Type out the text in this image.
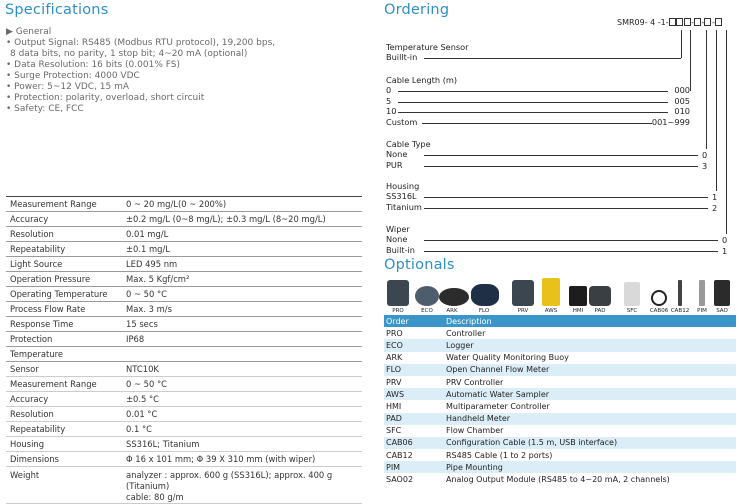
Specifications	Ordering
Optionals
▶ General
• Output Signal: RS485 (Modbus RTU protocol), 19,200 bps,
8 data bits, no parity, 1 stop bit; 4~20 mA (optional)
• Data Resolution: 16 bits (0.001% FS)
• Surge Protection: 4000 VDC
• Power: 5~12 VDC, 15 mA
• Protection: polarity, overload, short circuit
• Safety: CE, FCC
Measurement Range	0 ~ 20 mg/L(0 ~ 200%)
Accuracy	±0.2 mg/L (0~8 mg/L); ±0.3 mg/L (8~20 mg/L)
Resolution	0.01 mg/L
Repeatability	±0.1 mg/L
Light Source	LED 495 nm
Operation Pressure	Max. 5 Kgf/cm²
Operating Temperature	0 ~ 50 °C
Process Flow Rate	Max. 3 m/s
Response Time	15 secs
Protection	IP68
Temperature
Sensor	NTC10K
Measurement Range	0 ~ 50 °C
Accuracy	±0.5 °C
Resolution	0.01 °C
Repeatability	0.1 °C
Housing	SS316L; Titanium
Dimensions	Φ 16 x 101 mm; Φ 39 X 310 mm (with wiper)
Weight	analyzer : approx. 600 g (SS316L); approx. 400 g (Titanium)
cable: 80 g/m
SMR09- 4 -1-	- - -
Temperature Sensor
Buillt-in
Cable Length (m)
0	000
5	005
10	010
Custom	001~999
Cable Type
None	0
PUR	3
Housing
SS316L	1
Titanium	2
Wiper
None	0
Built-in	1
PRO	ECO	ARK	FLO	PRV	AWS	HMI	PAD	SFC	CAB06 CAB12	PIM	SAO
Order	Description
PRO	Controller
ECO	Logger
ARK	Water Quality Monitoring Buoy
FLO	Open Channel Flow Meter
PRV	PRV Controller
AWS	Automatic Water Sampler
HMI	Multiparameter Controller
PAD	Handheld Meter
SFC	Flow Chamber
CAB06	Configuration Cable (1.5 m, USB interface)
CAB12	RS485 Cable (1 to 2 ports)
PIM	Pipe Mounting
SAO02	Analog Output Module (RS485 to 4~20 mA, 2 channels)
